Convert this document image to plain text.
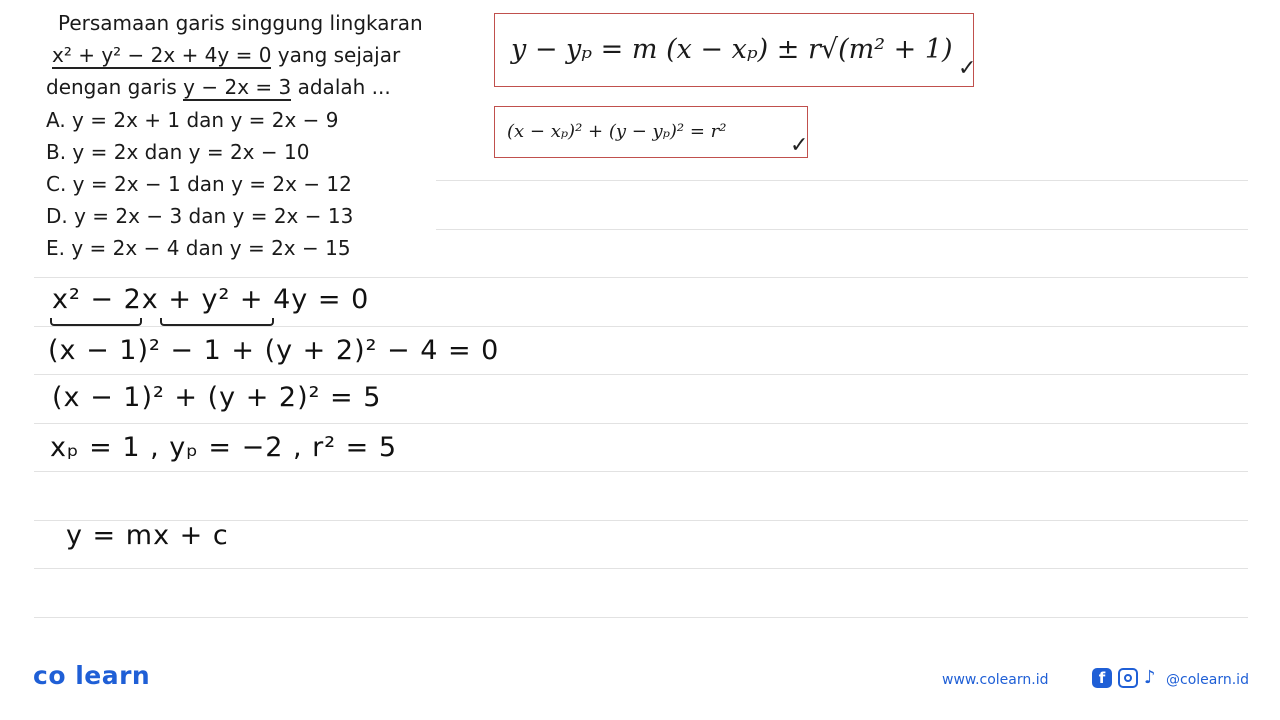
Persamaan garis singgung lingkaran
x² + y² − 2x + 4y = 0 yang sejajar
dengan garis y − 2x = 3 adalah ...
A. y = 2x + 1 dan y = 2x − 9
B. y = 2x dan y = 2x − 10
C. y = 2x − 1 dan y = 2x − 12
D. y = 2x − 3 dan y = 2x − 13
E. y = 2x − 4 dan y = 2x − 15
y − yₚ = m (x − xₚ) ± r√(m² + 1)
✓
(x − xₚ)² + (y − yₚ)² = r²
✓
x² − 2x + y² + 4y = 0
(x − 1)² − 1 + (y + 2)² − 4 = 0
(x − 1)² + (y + 2)² = 5
xₚ = 1 , yₚ = −2 , r² = 5
y = mx + c
co learn	www.colearn.id	f	♪ @colearn.id
